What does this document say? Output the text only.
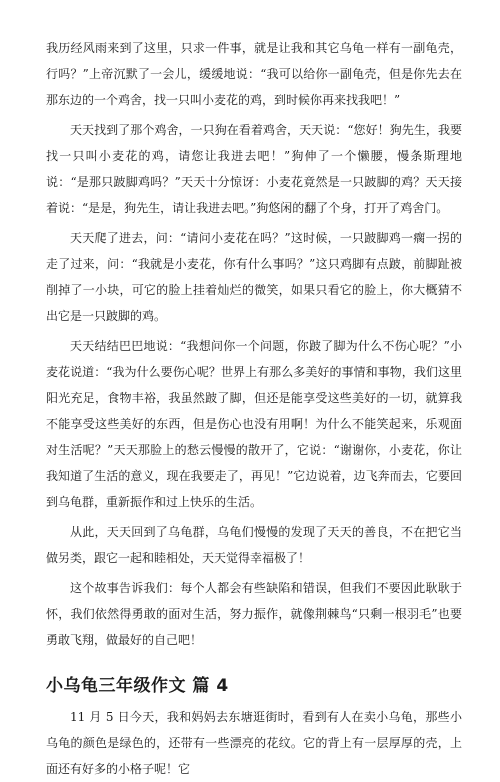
我历经风雨来到了这里，只求一件事，就是让我和其它乌龟一样有一副龟壳，行吗？”上帝沉默了一会儿，缓缓地说：“我可以给你一副龟壳，但是你先去在那东边的一个鸡舍，找一只叫小麦花的鸡，到时候你再来找我吧！”

天天找到了那个鸡舍，一只狗在看着鸡舍，天天说：“您好！狗先生，我要找一只叫小麦花的鸡，请您让我进去吧！”狗伸了一个懒腰，慢条斯理地说：“是那只跛脚鸡吗？”天天十分惊讶：小麦花竟然是一只跛脚的鸡？天天接着说：“是是，狗先生，请让我进去吧。”狗悠闲的翻了个身，打开了鸡舍门。

天天爬了进去，问：“请问小麦花在吗？”这时候，一只跛脚鸡一瘸一拐的走了过来，问：“我就是小麦花，你有什么事吗？”这只鸡脚有点跛，前脚趾被削掉了一小块，可它的脸上挂着灿烂的微笑，如果只看它的脸上，你大概猜不出它是一只跛脚的鸡。

天天结结巴巴地说：“我想问你一个问题，你跛了脚为什么不伤心呢？”小麦花说道：“我为什么要伤心呢？世界上有那么多美好的事情和事物，我们这里阳光充足，食物丰裕，我虽然跛了脚，但还是能享受这些美好的一切，就算我不能享受这些美好的东西，但是伤心也没有用啊！为什么不能笑起来，乐观面对生活呢？”天天那脸上的愁云慢慢的散开了，它说：“谢谢你，小麦花，你让我知道了生活的意义，现在我要走了，再见！”它边说着，边飞奔而去，它要回到乌龟群，重新振作和过上快乐的生活。

从此，天天回到了乌龟群，乌龟们慢慢的发现了天天的善良，不在把它当做另类，跟它一起和睦相处，天天觉得幸福极了！

这个故事告诉我们：每个人都会有些缺陷和错误，但我们不要因此耿耿于怀，我们依然得勇敢的面对生活，努力振作，就像荆棘鸟“只剩一根羽毛”也要勇敢飞翔，做最好的自己吧！

小乌龟三年级作文 篇 4

11 月 5 日今天，我和妈妈去东塘逛街时，看到有人在卖小乌龟，那些小乌龟的颜色是绿色的，还带有一些漂亮的花纹。它的背上有一层厚厚的壳，上面还有好多的小格子呢！它
